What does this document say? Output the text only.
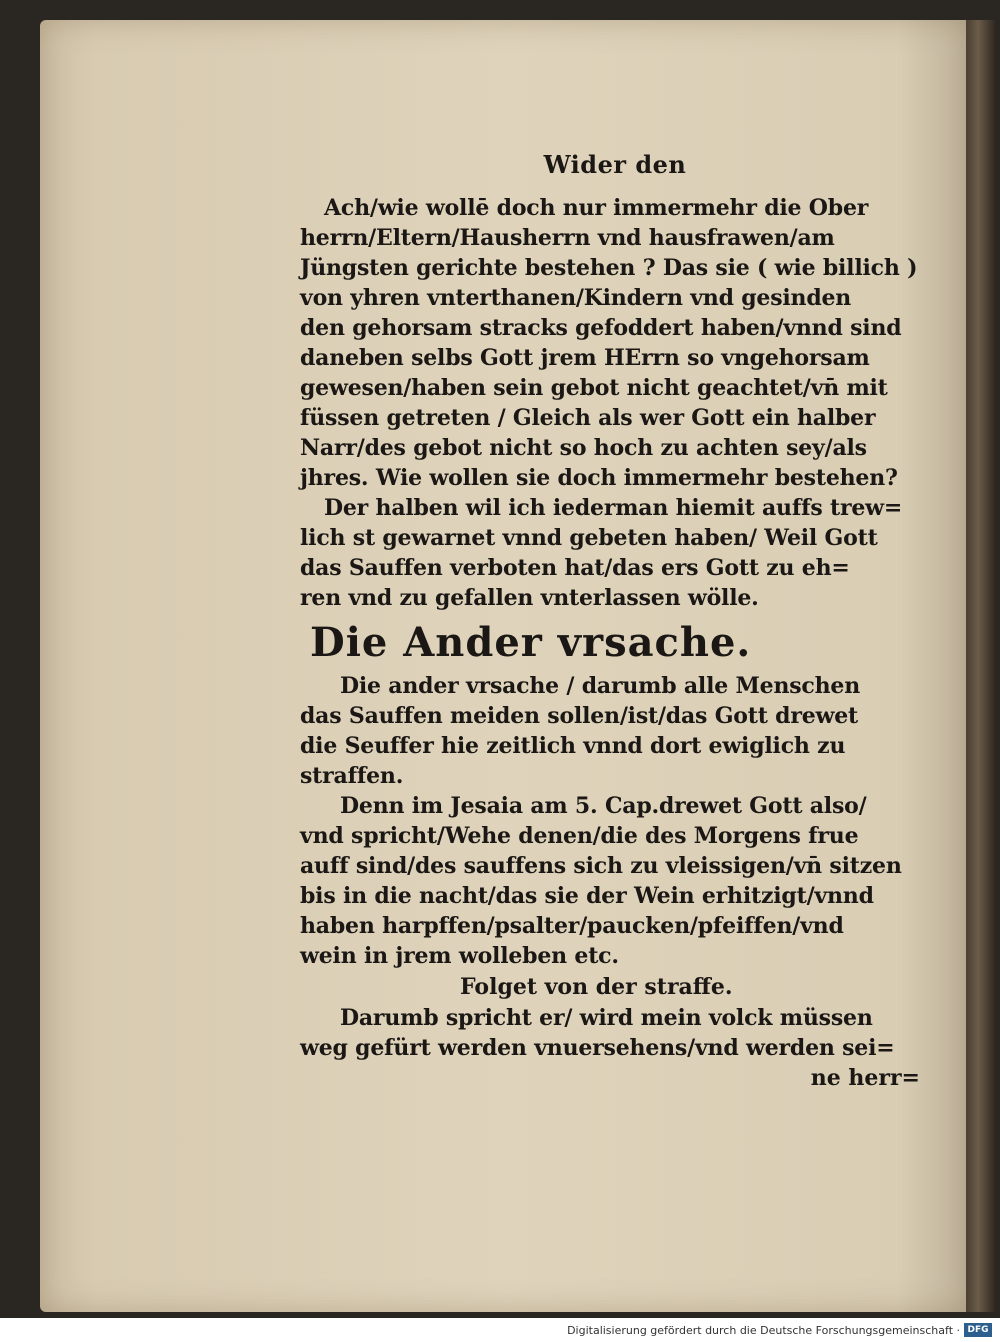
Wider den
Ach/wie wollē doch nur immermehr die Ober
herrn/Eltern/Hausherrn vnd hausfrawen/am
Jüngsten gerichte bestehen ? Das sie ( wie billich )
von yhren vnterthanen/Kindern vnd gesinden
den gehorsam stracks gefoddert haben/vnnd sind
daneben selbs Gott jrem HErrn so vngehorsam
gewesen/haben sein gebot nicht geachtet/vn̄ mit
füssen getreten / Gleich als wer Gott ein halber
Narr/des gebot nicht so hoch zu achten sey/als
jhres. Wie wollen sie doch immermehr bestehen?
Der halben wil ich iederman hiemit auffs trew=
lich st gewarnet vnnd gebeten haben/ Weil Gott
das Sauffen verboten hat/das ers Gott zu eh=
ren vnd zu gefallen vnterlassen wölle.
Die Ander vrsache.
Die ander vrsache / darumb alle Menschen
das Sauffen meiden sollen/ist/das Gott drewet
die Seuffer hie zeitlich vnnd dort ewiglich zu
straffen.
Denn im Jesaia am 5. Cap.drewet Gott also/
vnd spricht/Wehe denen/die des Morgens frue
auff sind/des sauffens sich zu vleissigen/vn̄ sitzen
bis in die nacht/das sie der Wein erhitzigt/vnnd
haben harpffen/psalter/paucken/pfeiffen/vnd
wein in jrem wolleben etc.
Folget von der straffe.
Darumb spricht er/ wird mein volck müssen
weg gefürt werden vnuersehens/vnd werden sei=
ne herr=
Digitalisierung gefördert durch die Deutsche Forschungsgemeinschaft · DFG
